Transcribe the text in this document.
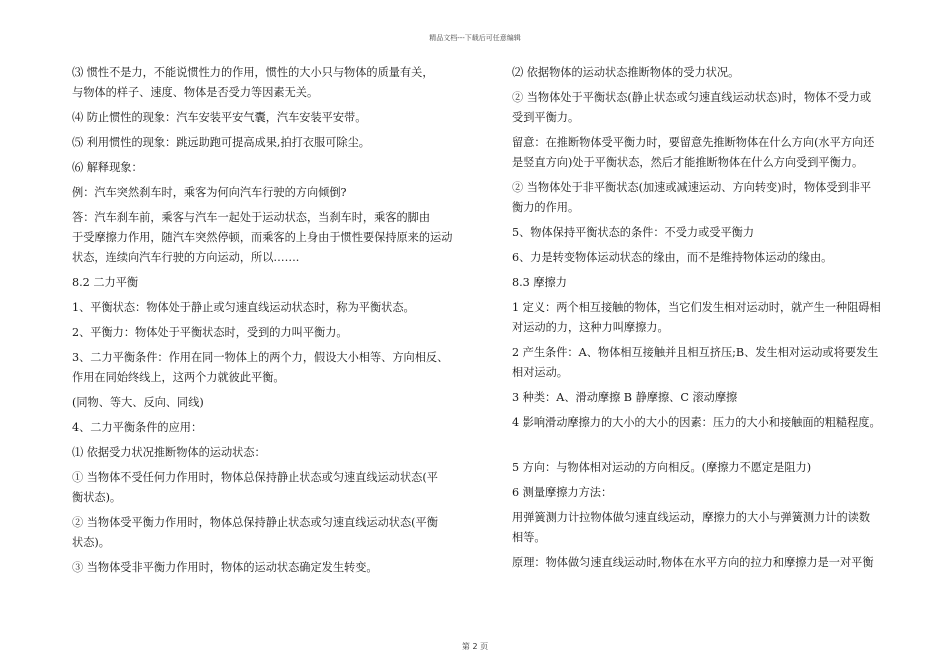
精品文档---下载后可任意编辑
⑶ 惯性不是力，不能说惯性力的作用，惯性的大小只与物体的质量有关，
与物体的样子、速度、物体是否受力等因素无关。
⑷ 防止惯性的现象：汽车安装平安气囊，汽车安装平安带。
⑸ 利用惯性的现象：跳远助跑可提高成果,拍打衣服可除尘。
⑹ 解释现象：
例：汽车突然刹车时，乘客为何向汽车行驶的方向倾倒?
答：汽车刹车前，乘客与汽车一起处于运动状态，当刹车时，乘客的脚由
于受摩擦力作用，随汽车突然停顿，而乘客的上身由于惯性要保持原来的运动
状态，连续向汽车行驶的方向运动，所以…….
8.2 二力平衡
1、平衡状态：物体处于静止或匀速直线运动状态时，称为平衡状态。
2、平衡力：物体处于平衡状态时，受到的力叫平衡力。
3、二力平衡条件：作用在同一物体上的两个力，假设大小相等、方向相反、
作用在同始终线上，这两个力就彼此平衡。
(同物、等大、反向、同线)
4、二力平衡条件的应用：
⑴ 依据受力状况推断物体的运动状态：
① 当物体不受任何力作用时，物体总保持静止状态或匀速直线运动状态(平
衡状态)。
② 当物体受平衡力作用时，物体总保持静止状态或匀速直线运动状态(平衡
状态)。
③ 当物体受非平衡力作用时，物体的运动状态确定发生转变。
⑵ 依据物体的运动状态推断物体的受力状况。
② 当物体处于平衡状态(静止状态或匀速直线运动状态)时，物体不受力或
受到平衡力。
留意：在推断物体受平衡力时，要留意先推断物体在什么方向(水平方向还
是竖直方向)处于平衡状态，然后才能推断物体在什么方向受到平衡力。
② 当物体处于非平衡状态(加速或减速运动、方向转变)时，物体受到非平
衡力的作用。
5、物体保持平衡状态的条件：不受力或受平衡力
6、力是转变物体运动状态的缘由，而不是维持物体运动的缘由。
8.3 摩擦力
1 定义：两个相互接触的物体，当它们发生相对运动时，就产生一种阻碍相
对运动的力，这种力叫摩擦力。
2 产生条件：A、物体相互接触并且相互挤压;B、发生相对运动或将要发生
相对运动。
3 种类：A、滑动摩擦 B 静摩擦、C 滚动摩擦
4 影响滑动摩擦力的大小的大小的因素：压力的大小和接触面的粗糙程度。
5 方向：与物体相对运动的方向相反。(摩擦力不愿定是阻力)
6 测量摩擦力方法：
用弹簧测力计拉物体做匀速直线运动，摩擦力的大小与弹簧测力计的读数
相等。
原理：物体做匀速直线运动时,物体在水平方向的拉力和摩擦力是一对平衡
第 2 页
